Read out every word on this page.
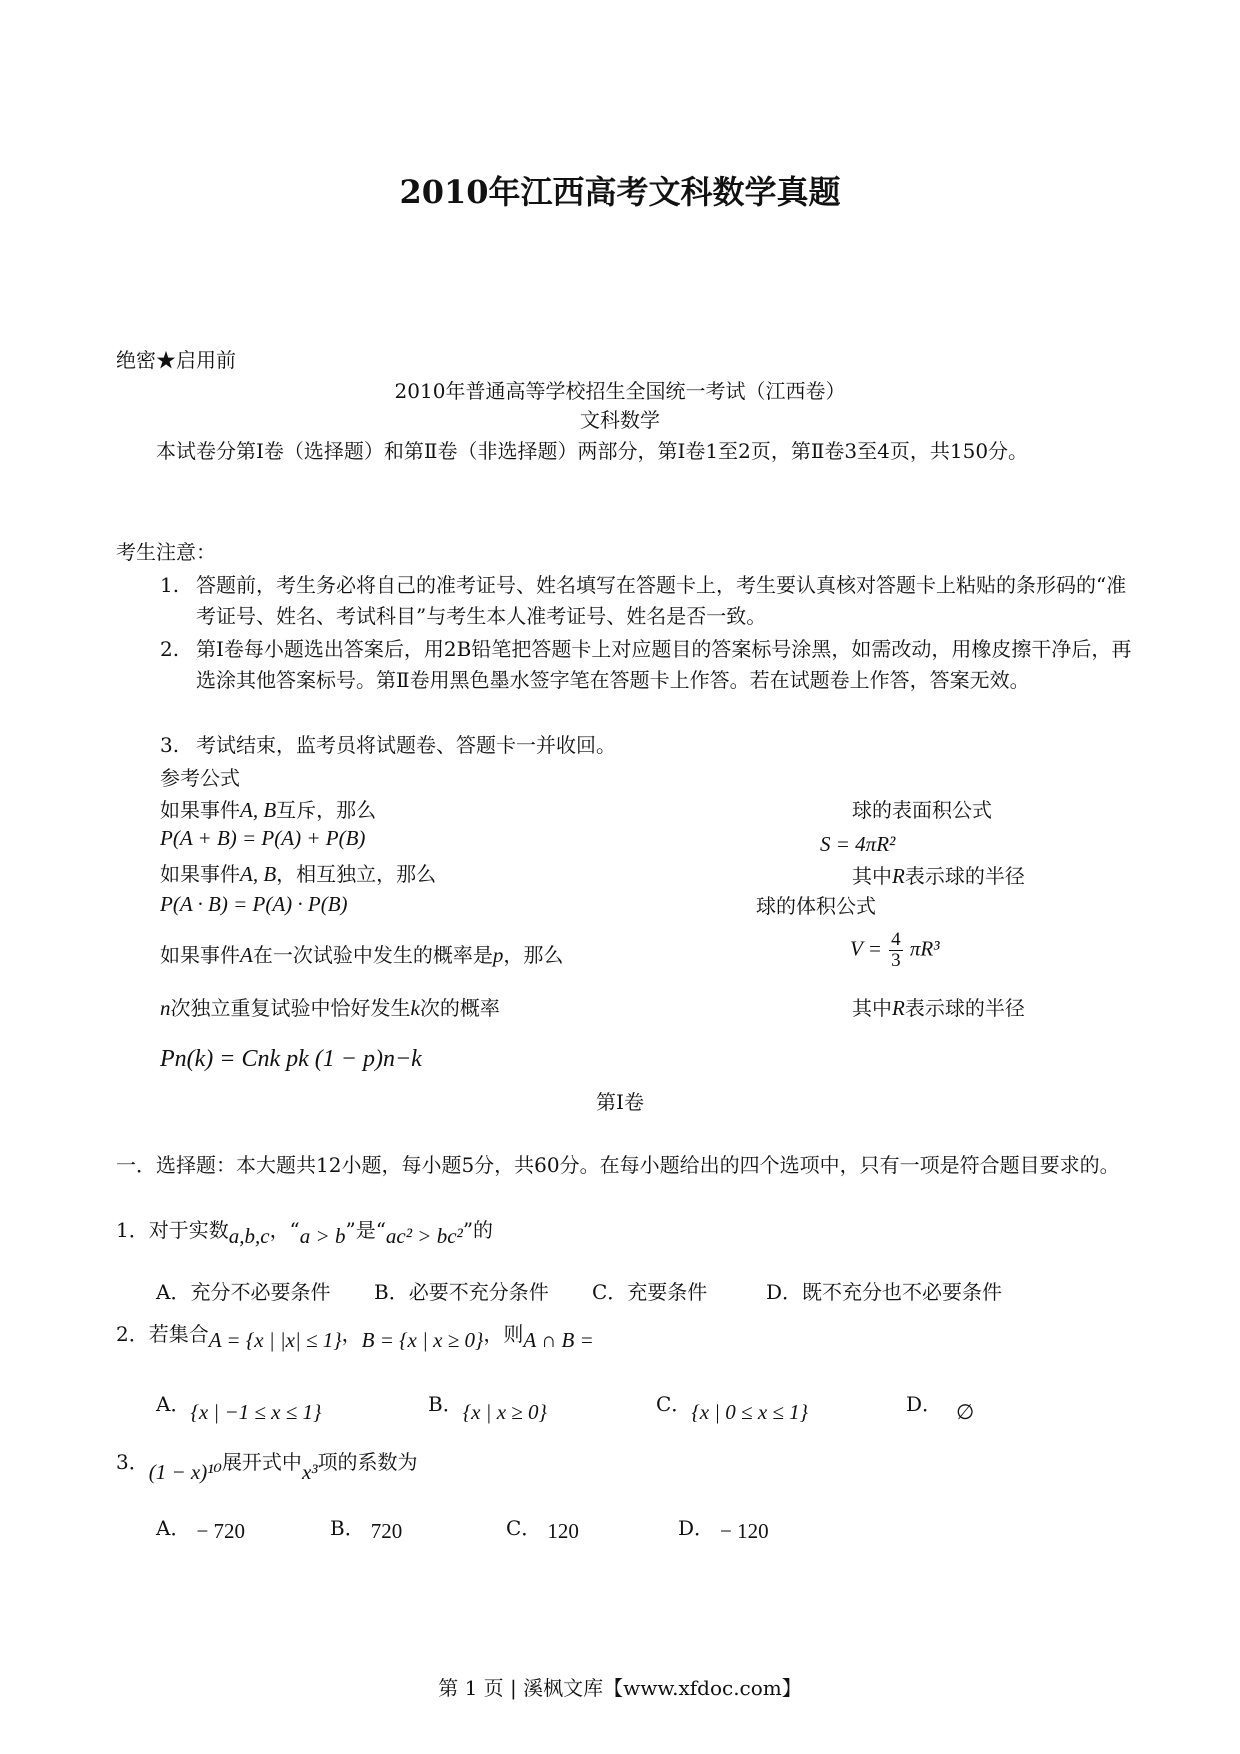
2010年江西高考文科数学真题
绝密★启用前
2010年普通高等学校招生全国统一考试（江西卷）
文科数学
本试卷分第Ⅰ卷（选择题）和第Ⅱ卷（非选择题）两部分，第Ⅰ卷1至2页，第Ⅱ卷3至4页，共150分。
考生注意：
1. 答题前，考生务必将自己的准考证号、姓名填写在答题卡上，考生要认真核对答题卡上粘贴的条形码的“准考证号、姓名、考试科目”与考生本人准考证号、姓名是否一致。
2. 第Ⅰ卷每小题选出答案后，用2B铅笔把答题卡上对应题目的答案标号涂黑，如需改动，用橡皮擦干净后，再选涂其他答案标号。第Ⅱ卷用黑色墨水签字笔在答题卡上作答。若在试题卷上作答，答案无效。
3. 考试结束，监考员将试题卷、答题卡一并收回。
参考公式
如果事件A, B互斥，那么
P(A + B) = P(A) + P(B)
如果事件A, B，相互独立，那么
P(A · B) = P(A) · P(B)
如果事件A在一次试验中发生的概率是p，那么
n次独立重复试验中恰好发生k次的概率
Pn(k) = Cnk pk (1 − p)n−k
球的表面积公式
S = 4πR²
其中R表示球的半径
球的体积公式
$V = \frac{4}{3} \pi R^3$
其中R表示球的半径
第Ⅰ卷
一．选择题：本大题共12小题，每小题5分，共60分。在每小题给出的四个选项中，只有一项是符合题目要求的。
1．对于实数a,b,c，“a > b”是“ac² > bc²”的
A．充分不必要条件 B．必要不充分条件 C．充要条件	D．既不充分也不必要条件
2．若集合A = {x | |x| ≤ 1}，B = {x | x ≥ 0}，则A ∩ B =
A．{x | −1 ≤ x ≤ 1}	B．{x | x ≥ 0}	C．{x | 0 ≤ x ≤ 1}	D． ∅
3．(1 − x)¹⁰展开式中x³项的系数为
A． − 720	B． 720	C． 120	D． − 120
第 1 页 | 溪枫文库【www.xfdoc.com】
